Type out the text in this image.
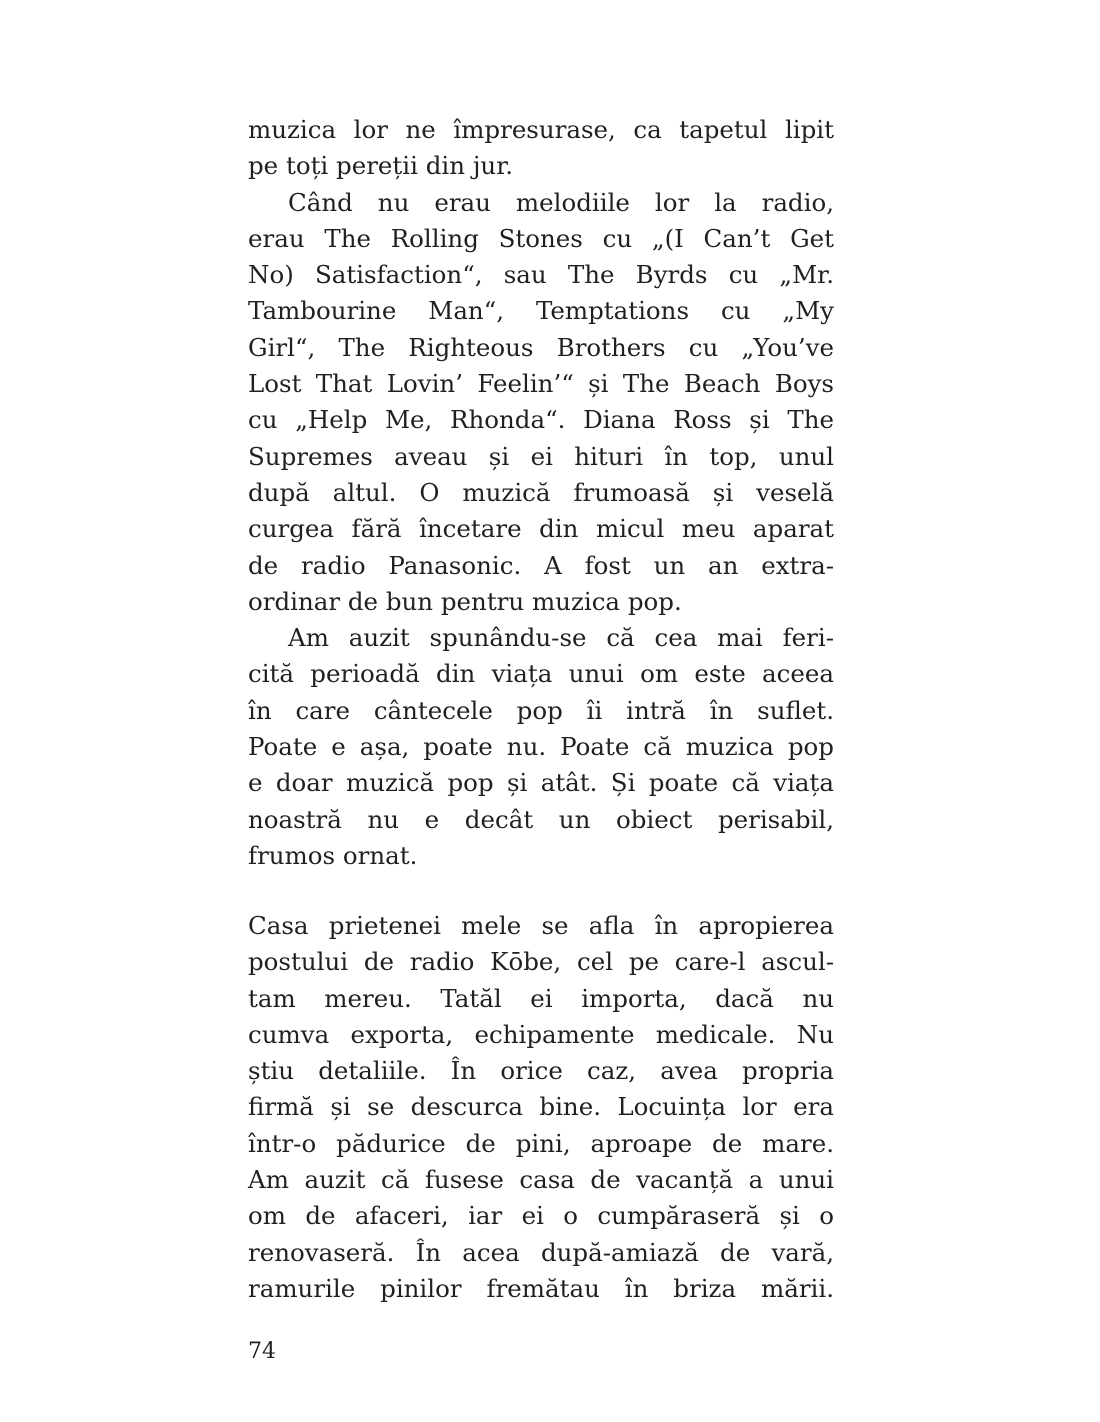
muzica lor ne împresurase, ca tapetul lipit
pe toți pereții din jur.
Când nu erau melodiile lor la radio,
erau The Rolling Stones cu „(I Can’t Get
No) Satisfaction“, sau The Byrds cu „Mr.
Tambourine Man“, Temptations cu „My
Girl“, The Righteous Brothers cu „You’ve
Lost That Lovin’ Feelin’“ și The Beach Boys
cu „Help Me, Rhonda“. Diana Ross și The
Supremes aveau și ei hituri în top, unul
după altul. O muzică frumoasă și veselă
curgea fără încetare din micul meu aparat
de radio Panasonic. A fost un an extra-
ordinar de bun pentru muzica pop.
Am auzit spunându-se că cea mai feri-
cită perioadă din viața unui om este aceea
în care cântecele pop îi intră în suflet.
Poate e așa, poate nu. Poate că muzica pop
e doar muzică pop și atât. Și poate că viața
noastră nu e decât un obiect perisabil,
frumos ornat.
Casa prietenei mele se afla în apropierea
postului de radio Kōbe, cel pe care-l ascul-
tam mereu. Tatăl ei importa, dacă nu
cumva exporta, echipamente medicale. Nu
știu detaliile. În orice caz, avea propria
firmă și se descurca bine. Locuința lor era
într-o pădurice de pini, aproape de mare.
Am auzit că fusese casa de vacanță a unui
om de afaceri, iar ei o cumpăraseră și o
renovaseră. În acea după-amiază de vară,
ramurile pinilor fremătau în briza mării.
74
